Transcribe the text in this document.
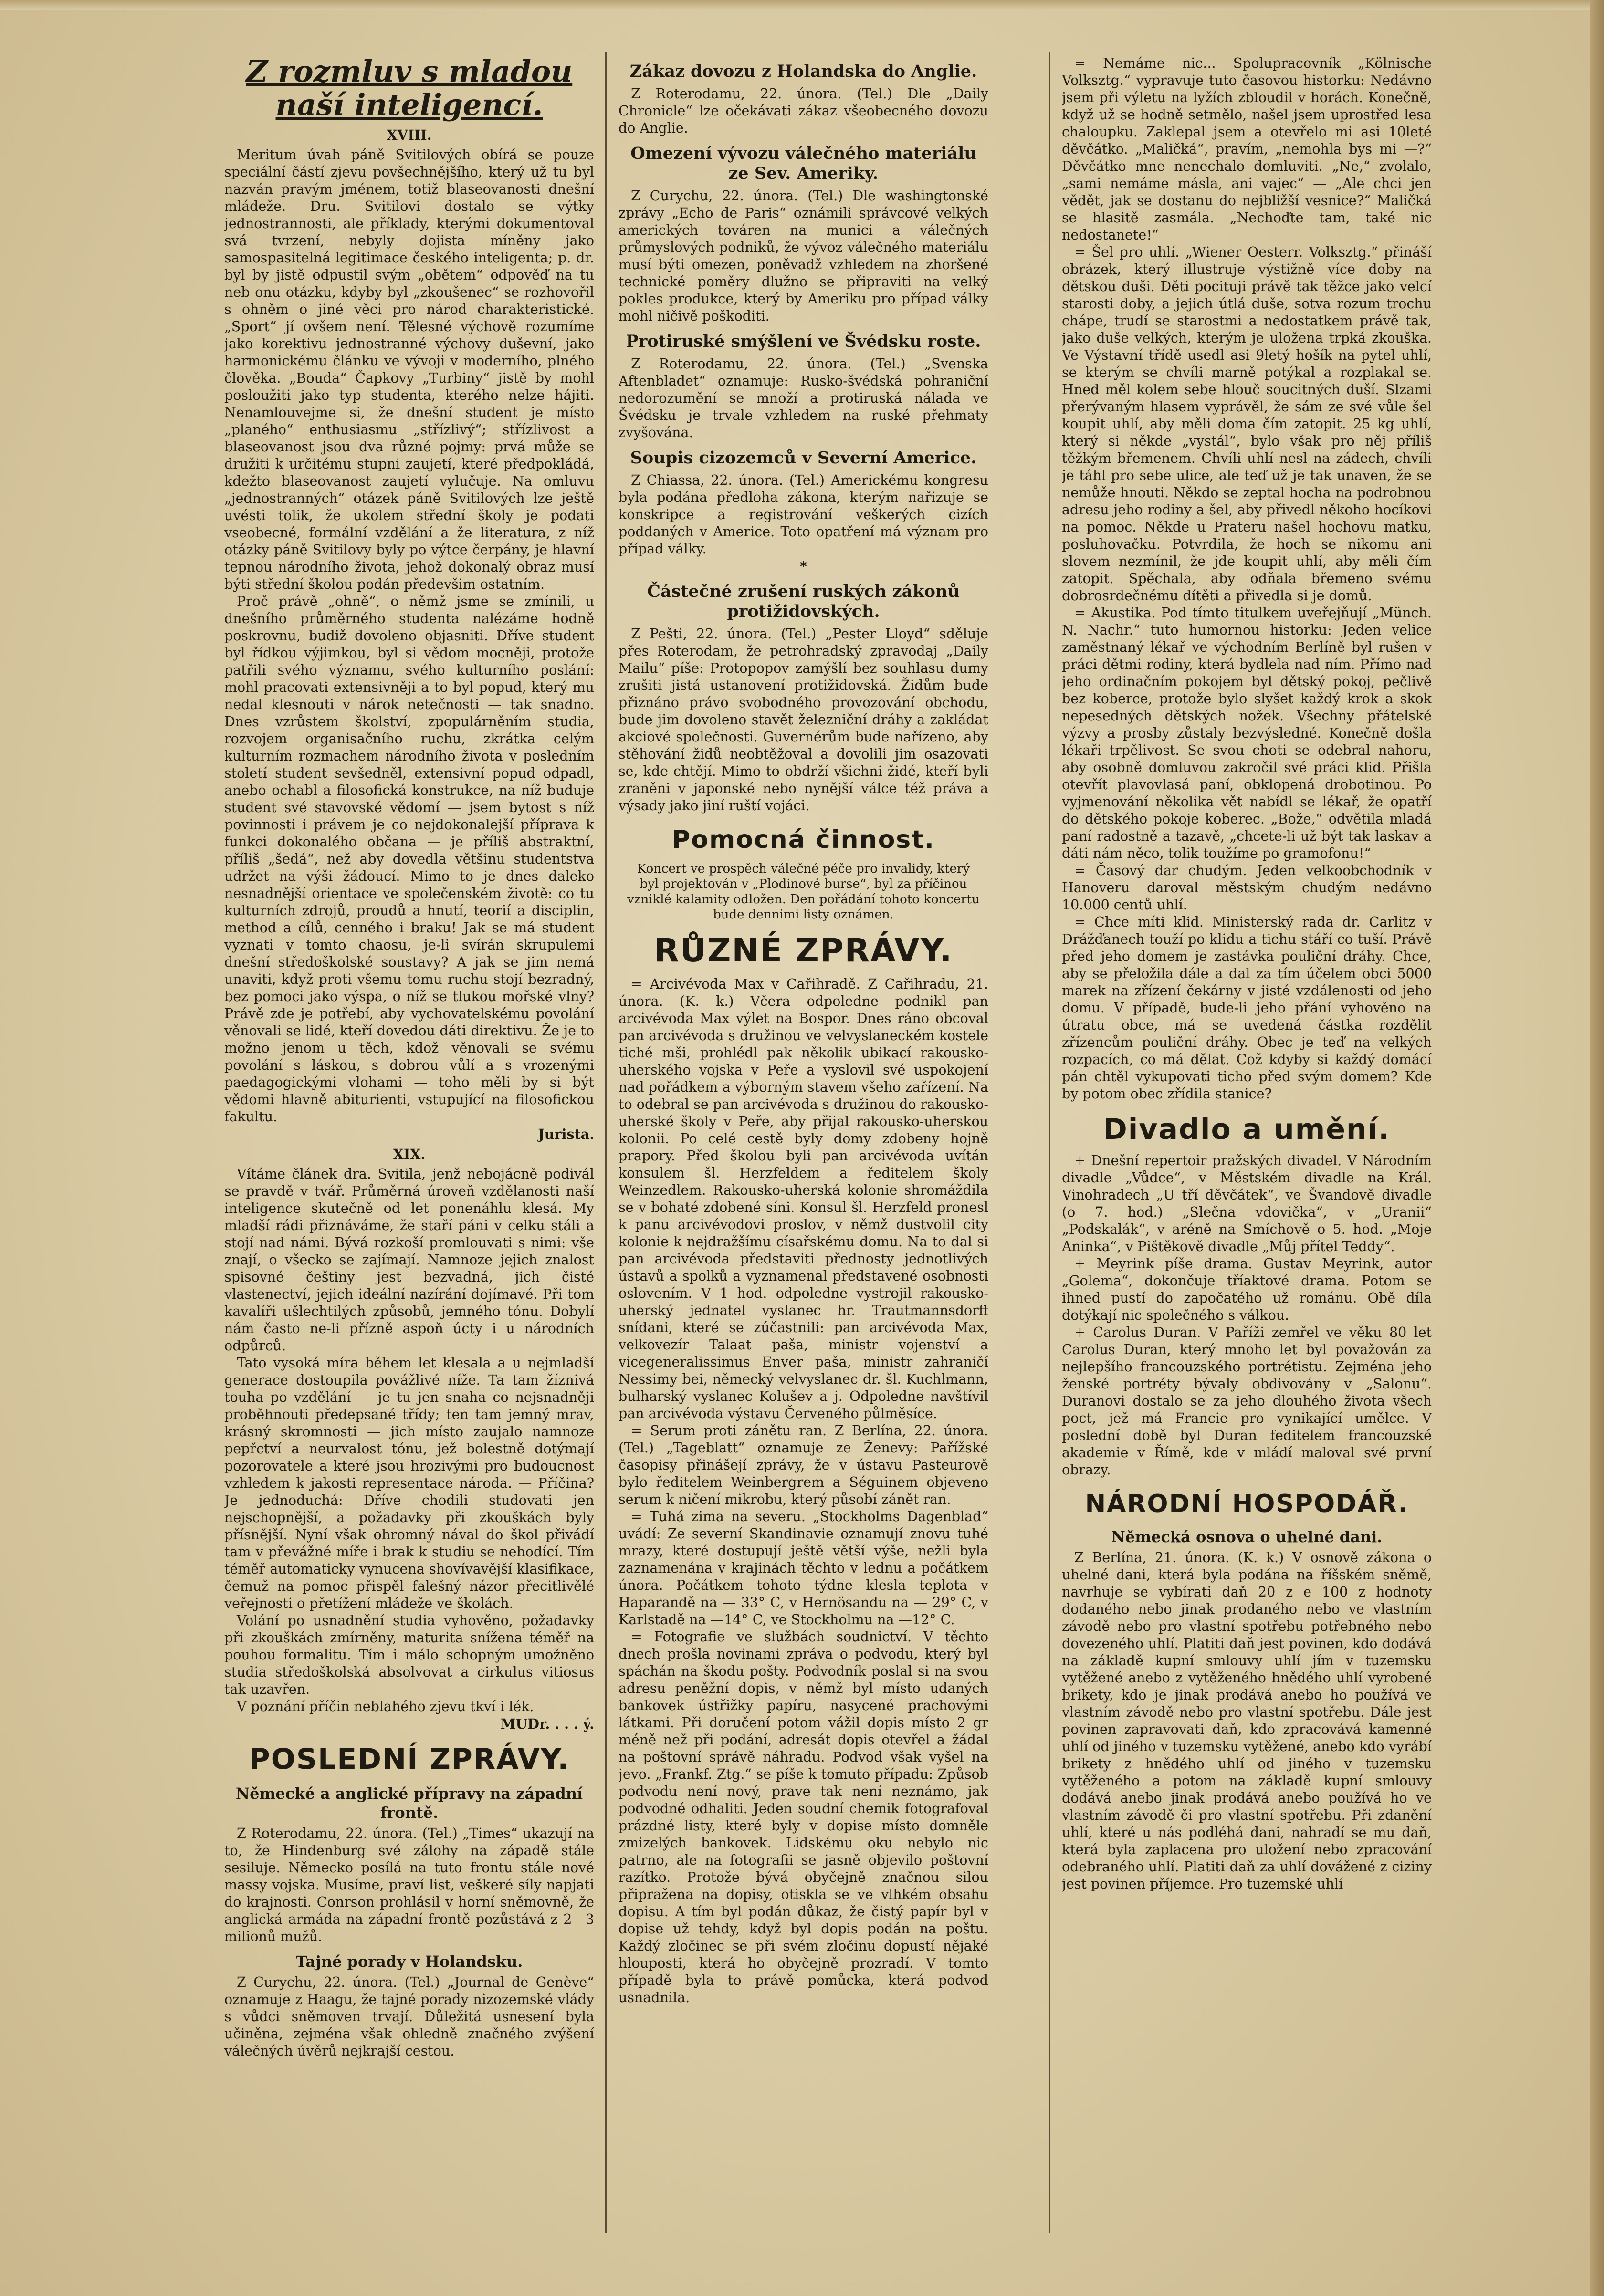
Z rozmluv s mladou naší inteligencí.
XVIII.

Meritum úvah páně Svitilových obírá se pouze speciální částí zjevu povšechnějšího, který už tu byl nazván pravým jménem, totiž blaseovanosti dnešní mládeže. Dru. Svitilovi dostalo se výtky jednostrannosti, ale příklady, kterými dokumentoval svá tvrzení, nebyly dojista míněny jako samospasitelná legitimace českého inteligenta; p. dr. byl by jistě odpustil svým „obětem“ odpověď na tu neb onu otázku, kdyby byl „zkoušenec“ se rozhovořil s ohněm o jiné věci pro národ charakteristické. „Sport“ jí ovšem není. Tělesné výchově rozumíme jako korektivu jednostranné výchovy duševní, jako harmonickému článku ve vývoji v moderního, plného člověka. „Bouda“ Čapkovy „Turbiny“ jistě by mohl posloužiti jako typ studenta, kterého nelze hájiti. Nenamlouvejme si, že dnešní student je místo „planého“ enthusiasmu „střízlivý“; střízlivost a blaseovanost jsou dva různé pojmy: prvá může se družiti k určitému stupni zaujetí, které předpokládá, kdežto blaseovanost zaujetí vylučuje. Na omluvu „jednostranných“ otázek páně Svitilových lze ještě uvésti tolik, že ukolem střední školy je podati vseobecné, formální vzdělání a že literatura, z níž otázky páně Svitilovy byly po výtce čerpány, je hlavní tepnou národního života, jehož dokonalý obraz musí býti střední školou podán předevšim ostatním.

Proč právě „ohně“, o němž jsme se zmínili, u dnešního průměrného studenta nalézáme hodně poskrovnu, budiž dovoleno objasniti. Dříve student byl řídkou výjimkou, byl si vědom mocněji, protože patřili svého významu, svého kulturního poslání: mohl pracovati extensivněji a to byl popud, který mu nedal klesnouti v nárok netečnosti — tak snadno. Dnes vzrůstem školství, zpopulárněním studia, rozvojem organisačního ruchu, zkrátka celým kulturním rozmachem národního života v posledním století student sevšedněl, extensivní popud odpadl, anebo ochabl a filosofická konstrukce, na níž buduje student své stavovské vědomí — jsem bytost s níž povinnosti i právem je co nejdokonalejší příprava k funkci dokonalého občana — je příliš abstraktní, příliš „šedá“, než aby dovedla většinu studentstva udržet na výši žádoucí. Mimo to je dnes daleko nesnadnější orientace ve společenském životě: co tu kulturních zdrojů, proudů a hnutí, teorií a disciplin, method a cílů, cenného i braku! Jak se má student vyznati v tomto chaosu, je-li svírán skrupulemi dnešní středoškolské soustavy? A jak se jim nemá unaviti, když proti všemu tomu ruchu stojí bezradný, bez pomoci jako výspa, o níž se tlukou mořské vlny? Právě zde je potřebí, aby vychovatelskému povolání věnovali se lidé, kteří dovedou dáti direktivu. Že je to možno jenom u těch, kdož věnovali se svému povolání s láskou, s dobrou vůlí a s vrozenými paedagogickými vlohami — toho měli by si být vědomi hlavně abiturienti, vstupující na filosofickou fakultu.

Jurista.
XIX.

Vítáme článek dra. Svitila, jenž nebojácně podivál se pravdě v tvář. Průměrná úroveň vzdělanosti naší inteligence skutečně od let ponenáhlu klesá. My mladší rádi přiznáváme, že staří páni v celku stáli a stojí nad námi. Bývá rozkoší promlouvati s nimi: vše znají, o všecko se zajímají. Namnoze jejich znalost spisovné češtiny jest bezvadná, jich čisté vlastenectví, jejich ideální nazírání dojímavé. Při tom kavalíři ušlechtilých způsobů, jemného tónu. Dobylí nám často ne-li přízně aspoň úcty i u národních odpůrců.

Tato vysoká míra během let klesala a u nejmladší generace dostoupila povážlivé níže. Ta tam žíznivá touha po vzdělání — je tu jen snaha co nejsnadněji proběhnouti předepsané třídy; ten tam jemný mrav, krásný skromnosti — jich místo zaujalo namnoze pepřctví a neurvalost tónu, jež bolestně dotýmají pozorovatele a které jsou hrozivými pro budoucnost vzhledem k jakosti representace národa. — Příčina? Je jednoduchá: Dříve chodili studovati jen nejschopnější, a požadavky při zkouškách byly přísnější. Nyní však ohromný nával do škol přivádí tam v převážné míře i brak k studiu se nehodící. Tím téměř automaticky vynucena shovívavější klasifikace, čemuž na pomoc přispěl falešný názor přecitlivělé veřejnosti o přetížení mládeže ve školách.

Volání po usnadnění studia vyhověno, požadavky při zkouškách zmírněny, maturita snížena téměř na pouhou formalitu. Tím i málo schopným umožněno studia středoškolská absolvovat a cirkulus vitiosus tak uzavřen.

V poznání příčin neblahého zjevu tkví i lék.

MUDr. . . . ý.
POSLEDNÍ ZPRÁVY.
Německé a anglické přípravy na západní frontě.

Z Roterodamu, 22. února. (Tel.) „Times“ ukazují na to, že Hindenburg své zálohy na západě stále sesiluje. Německo posílá na tuto frontu stále nové massy vojska. Musíme, praví list, veškeré síly napjati do krajnosti. Conrson prohlásil v horní sněmovně, že anglická armáda na západní frontě pozůstává z 2—3 milionů mužů.

Tajné porady v Holandsku.

Z Curychu, 22. února. (Tel.) „Journal de Genève“ oznamuje z Haagu, že tajné porady nizozemské vlády s vůdci sněmoven trvají. Důležitá usnesení byla učiněna, zejména však ohledně značného zvýšení válečných úvěrů nejkrajší cestou.

Zákaz dovozu z Holandska do Anglie.

Z Roterodamu, 22. února. (Tel.) Dle „Daily Chronicle“ lze očekávati zákaz všeobecného dovozu do Anglie.

Omezení vývozu válečného materiálu ze Sev. Ameriky.

Z Curychu, 22. února. (Tel.) Dle washingtonské zprávy „Echo de Paris“ oznámili správcové velkých amerických továren na munici a válečných průmyslových podniků, že vývoz válečného materiálu musí býti omezen, poněvadž vzhledem na zhoršené technické poměry dlužno se připraviti na velký pokles produkce, který by Ameriku pro případ války mohl ničivě poškoditi.

Protiruské smýšlení ve Švédsku roste.

Z Roterodamu, 22. února. (Tel.) „Svenska Aftenbladet“ oznamuje: Rusko-švédská pohraniční nedorozumění se množí a protiruská nálada ve Švédsku je trvale vzhledem na ruské přehmaty zvyšována.

Soupis cizozemců v Severní Americe.

Z Chiassa, 22. února. (Tel.) Americkému kongresu byla podána předloha zákona, kterým nařizuje se konskripce a registrování veškerých cizích poddaných v Americe. Toto opatření má význam pro případ války.

*
Částečné zrušení ruských zákonů protižidovských.

Z Pešti, 22. února. (Tel.) „Pester Lloyd“ sděluje přes Roterodam, že petrohradský zpravodaj „Daily Mailu“ píše: Protopopov zamýšlí bez souhlasu dumy zrušiti jistá ustanovení protižidovská. Židům bude přiznáno právo svobodného provozování obchodu, bude jim dovoleno stavět železniční dráhy a zakládat akciové společnosti. Guvernérům bude nařízeno, aby stěhování židů neobtěžoval a dovolili jim osazovati se, kde chtějí. Mimo to obdrží všichni židé, kteří byli zraněni v japonské nebo nynější válce též práva a výsady jako jiní ruští vojáci.

Pomocná činnost.
Koncert ve prospěch válečné péče pro invalidy, který byl projektován v „Plodinové burse“, byl za příčinou vzniklé kalamity odložen. Den pořádání tohoto koncertu bude dennimi listy oznámen.
RŮZNÉ ZPRÁVY.

= Arcivévoda Max v Cařihradě. Z Cařihradu, 21. února. (K. k.) Včera odpoledne podnikl pan arcivévoda Max výlet na Bospor. Dnes ráno obcoval pan arcivévoda s družinou ve velvyslaneckém kostele tiché mši, prohlédl pak několik ubikací rakousko-uherského vojska v Peře a vyslovil své uspokojení nad pořádkem a výborným stavem všeho zařízení. Na to odebral se pan arcivévoda s družinou do rakousko-uherské školy v Peře, aby přijal rakousko-uherskou kolonii. Po celé cestě byly domy zdobeny hojně prapory. Před školou byli pan arcivévoda uvítán konsulem šl. Herzfeldem a ředitelem školy Weinzedlem. Rakousko-uherská kolonie shromáždila se v bohaté zdobené síni. Konsul šl. Herzfeld pronesl k panu arcivévodovi proslov, v němž dustvolil city kolonie k nejdražšímu císařskému domu. Na to dal si pan arcivévoda představiti přednosty jednotlivých ústavů a spolků a vyznamenal představené osobnosti oslovením. V 1 hod. odpoledne vystrojil rakousko-uherský jednatel vyslanec hr. Trautmannsdorff snídani, které se zúčastnili: pan arcivévoda Max, velkovezír Talaat paša, ministr vojenství a vicegeneralissimus Enver paša, ministr zahraničí Nessimy bei, německý velvyslanec dr. šl. Kuchlmann, bulharský vyslanec Kolušev a j. Odpoledne navštívil pan arcivévoda výstavu Červeného půlměsíce.

= Serum proti zánětu ran. Z Berlína, 22. února. (Tel.) „Tageblatt“ oznamuje ze Ženevy: Pařížské časopisy přinášejí zprávy, že v ústavu Pasteurově bylo ředitelem Weinbergrem a Séguinem objeveno serum k ničení mikrobu, který působí zánět ran.

= Tuhá zima na severu. „Stockholms Dagenblad“ uvádí: Ze severní Skandinavie oznamují znovu tuhé mrazy, které dostupují ještě větší výše, nežli byla zaznamenána v krajinách těchto v lednu a počátkem února. Počátkem tohoto týdne klesla teplota v Haparandě na — 33° C, v Hernösandu na — 29° C, v Karlstadě na —14° C, ve Stockholmu na —12° C.

= Fotografie ve službách soudnictví. V těchto dnech prošla novinami zpráva o podvodu, který byl spáchán na škodu pošty. Podvodník poslal si na svou adresu peněžní dopis, v němž byl místo udaných bankovek ústřižky papíru, nasycené prachovými látkami. Při doručení potom vážil dopis místo 2 gr méně než při podání, adresát dopis otevřel a žádal na poštovní správě náhradu. Podvod však vyšel na jevo. „Frankf. Ztg.“ se píše k tomuto případu: Způsob podvodu není nový, prave tak není neznámo, jak podvodné odhaliti. Jeden soudní chemik fotografoval prázdné listy, které byly v dopise místo domněle zmizelých bankovek. Lidskému oku nebylo nic patrno, ale na fotografii se jasně objevilo poštovní razítko. Protože bývá obyčejně značnou silou připražena na dopisy, otiskla se ve vlhkém obsahu dopisu. A tím byl podán důkaz, že čistý papír byl v dopise už tehdy, když byl dopis podán na poštu. Každý zločinec se při svém zločinu dopustí nějaké hlouposti, která ho obyčejně prozradí. V tomto případě byla to právě pomůcka, která podvod usnadnila.

= Nemáme nic... Spolupracovník „Kölnische Volksztg.“ vypravuje tuto časovou historku: Nedávno jsem při výletu na lyžích zbloudil v horách. Konečně, když už se hodně setmělo, našel jsem uprostřed lesa chaloupku. Zaklepal jsem a otevřelo mi asi 10leté děvčátko. „Maličká“, pravím, „nemohla bys mi —?“ Děvčátko mne nenechalo domluviti. „Ne,“ zvolalo, „sami nemáme másla, ani vajec“ — „Ale chci jen vědět, jak se dostanu do nejbližší vesnice?“ Maličká se hlasitě zasmála. „Nechoďte tam, také nic nedostanete!“

= Šel pro uhlí. „Wiener Oesterr. Volksztg.“ přináší obrázek, který illustruje výstižně více doby na dětskou duši. Děti pocituji právě tak těžce jako velcí starosti doby, a jejich útlá duše, sotva rozum trochu chápe, trudí se starostmi a nedostatkem právě tak, jako duše velkých, kterým je uložena trpká zkouška. Ve Výstavní třídě usedl asi 9letý hošík na pytel uhlí, se kterým se chvíli marně potýkal a rozplakal se. Hned měl kolem sebe hlouč soucitných duší. Slzami přerývaným hlasem vyprávěl, že sám ze své vůle šel koupit uhlí, aby měli doma čím zatopit. 25 kg uhlí, který si někde „vystál“, bylo však pro něj příliš těžkým břemenem. Chvíli uhlí nesl na zádech, chvíli je táhl pro sebe ulice, ale teď už je tak unaven, že se nemůže hnouti. Někdo se zeptal hocha na podrobnou adresu jeho rodiny a šel, aby přivedl někoho hocíkovi na pomoc. Někde u Prateru našel hochovu matku, posluhovačku. Potvrdila, že hoch se nikomu ani slovem nezmínil, že jde koupit uhlí, aby měli čím zatopit. Spěchala, aby odňala břemeno svému dobrosrdečnému dítěti a přivedla si je domů.

= Akustika. Pod tímto titulkem uveřejňují „Münch. N. Nachr.“ tuto humornou historku: Jeden velice zaměstnaný lékař ve východním Berlíně byl rušen v práci dětmi rodiny, která bydlela nad ním. Přímo nad jeho ordinačním pokojem byl dětský pokoj, pečlivě bez koberce, protože bylo slyšet každý krok a skok nepesedných dětských nožek. Všechny přátelské výzvy a prosby zůstaly bezvýsledné. Konečně došla lékaři trpělivost. Se svou choti se odebral nahoru, aby osobně domluvou zakročil své práci klid. Přišla otevřít plavovlasá paní, obklopená drobotinou. Po vyjmenování několika vět nabídl se lékař, že opatří do dětského pokoje koberec. „Bože,“ odvětila mladá paní radostně a tazavě, „chcete-li už být tak laskav a dáti nám něco, tolik toužíme po gramofonu!“

= Časový dar chudým. Jeden velkoobchodník v Hanoveru daroval městským chudým nedávno 10.000 centů uhlí.

= Chce míti klid. Ministerský rada dr. Carlitz v Drážďanech touží po klidu a tichu stáří co tuší. Právě před jeho domem je zastávka pouliční dráhy. Chce, aby se přeložila dále a dal za tím účelem obci 5000 marek na zřízení čekárny v jisté vzdálenosti od jeho domu. V případě, bude-li jeho přání vyhověno na útratu obce, má se uvedená částka rozdělit zřízencům pouliční dráhy. Obec je teď na velkých rozpacích, co má dělat. Což kdyby si každý domácí pán chtěl vykupovati ticho před svým domem? Kde by potom obec zřídila stanice?

Divadlo a umění.

+ Dnešní repertoir pražských divadel. V Národním divadle „Vůdce“, v Městském divadle na Král. Vinohradech „U tří děvčátek“, ve Švandově divadle (o 7. hod.) „Slečna vdovička“, v „Uranii“ „Podskalák“, v aréně na Smíchově o 5. hod. „Moje Aninka“, v Pištěkově divadle „Můj přítel Teddy“.

+ Meyrink píše drama. Gustav Meyrink, autor „Golema“, dokončuje tříaktové drama. Potom se ihned pustí do započatého už románu. Obě díla dotýkají nic společného s válkou.

+ Carolus Duran. V Paříži zemřel ve věku 80 let Carolus Duran, který mnoho let byl považován za nejlepšího francouzského portrétistu. Zejména jeho ženské portréty bývaly obdivovány v „Salonu“. Duranovi dostalo se za jeho dlouhého života všech poct, jež má Francie pro vynikající umělce. V poslední době byl Duran feditelem francouzské akademie v Římě, kde v mládí maloval své první obrazy.

NÁRODNÍ HOSPODÁŘ.
Německá osnova o uhelné dani.

Z Berlína, 21. února. (K. k.) V osnově zákona o uhelné dani, která byla podána na říšském sněmě, navrhuje se vybírati daň 20 z e 100 z hodnoty dodaného nebo jinak prodaného nebo ve vlastním závodě nebo pro vlastní spotřebu potřebného nebo dovezeného uhlí. Platiti daň jest povinen, kdo dodává na základě kupní smlouvy uhlí jím v tuzemsku vytěžené anebo z vytěženého hnědého uhlí vyrobené brikety, kdo je jinak prodává anebo ho používá ve vlastním závodě nebo pro vlastní spotřebu. Dále jest povinen zapravovati daň, kdo zpracovává kamenné uhlí od jiného v tuzemsku vytěžené, anebo kdo vyrábí brikety z hnědého uhlí od jiného v tuzemsku vytěženého a potom na základě kupní smlouvy dodává anebo jinak prodává anebo používá ho ve vlastním závodě či pro vlastní spotřebu. Při zdanění uhlí, které u nás podléhá dani, nahradí se mu daň, která byla zaplacena pro uložení nebo zpracování odebraného uhlí. Platiti daň za uhlí dovážené z ciziny jest povinen příjemce. Pro tuzemské uhlí
